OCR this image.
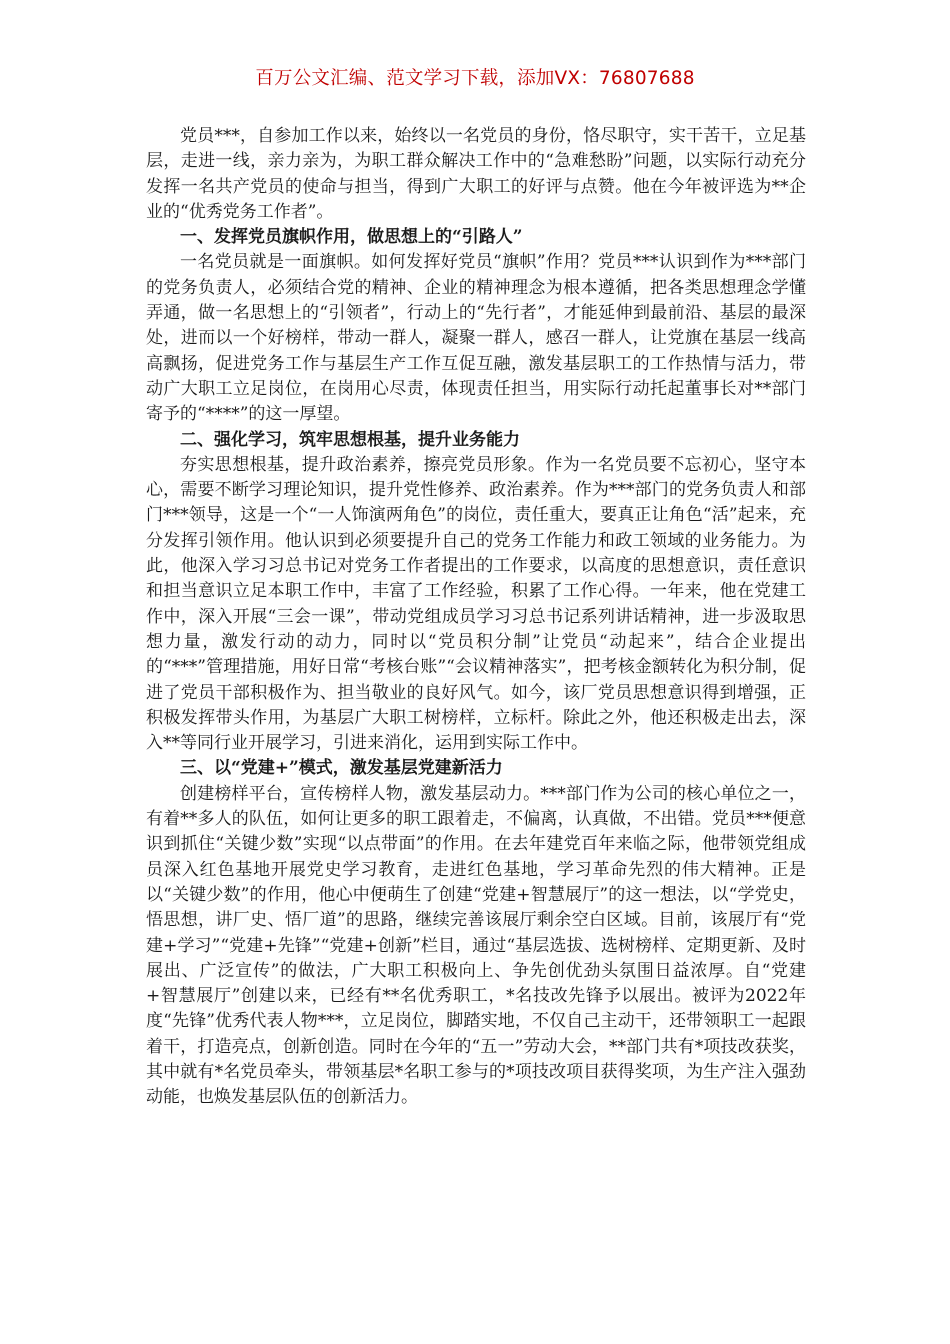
百万公文汇编、范文学习下载，添加VX：76807688

党员***，自参加工作以来，始终以一名党员的身份，恪尽职守，实干苦干，立足基层，走进一线，亲力亲为，为职工群众解决工作中的“急难愁盼”问题，以实际行动充分发挥一名共产党员的使命与担当，得到广大职工的好评与点赞。他在今年被评选为**企业的“优秀党务工作者”。

一、发挥党员旗帜作用，做思想上的“引路人”

一名党员就是一面旗帜。如何发挥好党员“旗帜”作用？党员***认识到作为***部门的党务负责人，必须结合党的精神、企业的精神理念为根本遵循，把各类思想理念学懂弄通，做一名思想上的“引领者”，行动上的“先行者”，才能延伸到最前沿、基层的最深处，进而以一个好榜样，带动一群人，凝聚一群人，感召一群人，让党旗在基层一线高高飘扬，促进党务工作与基层生产工作互促互融，激发基层职工的工作热情与活力，带动广大职工立足岗位，在岗用心尽责，体现责任担当，用实际行动托起董事长对**部门寄予的“****”的这一厚望。

二、强化学习，筑牢思想根基，提升业务能力

夯实思想根基，提升政治素养，擦亮党员形象。作为一名党员要不忘初心，坚守本心，需要不断学习理论知识，提升党性修养、政治素养。作为***部门的党务负责人和部门***领导，这是一个“一人饰演两角色”的岗位，责任重大，要真正让角色“活”起来，充分发挥引领作用。他认识到必须要提升自己的党务工作能力和政工领域的业务能力。为此，他深入学习习总书记对党务工作者提出的工作要求，以高度的思想意识，责任意识和担当意识立足本职工作中，丰富了工作经验，积累了工作心得。一年来，他在党建工作中，深入开展“三会一课”，带动党组成员学习习总书记系列讲话精神，进一步汲取思想力量，激发行动的动力，同时以“党员积分制”让党员“动起来”，结合企业提出的“***”管理措施，用好日常“考核台账”“会议精神落实”，把考核金额转化为积分制，促进了党员干部积极作为、担当敬业的良好风气。如今，该厂党员思想意识得到增强，正积极发挥带头作用，为基层广大职工树榜样，立标杆。除此之外，他还积极走出去，深入**等同行业开展学习，引进来消化，运用到实际工作中。

三、以“党建+”模式，激发基层党建新活力

创建榜样平台，宣传榜样人物，激发基层动力。***部门作为公司的核心单位之一，有着**多人的队伍，如何让更多的职工跟着走，不偏离，认真做，不出错。党员***便意识到抓住“关键少数”实现“以点带面”的作用。在去年建党百年来临之际，他带领党组成员深入红色基地开展党史学习教育，走进红色基地，学习革命先烈的伟大精神。正是以“关键少数”的作用，他心中便萌生了创建“党建+智慧展厅”的这一想法，以“学党史，悟思想，讲厂史、悟厂道”的思路，继续完善该展厅剩余空白区域。目前，该展厅有“党建+学习”“党建+先锋”“党建+创新”栏目，通过“基层选拔、选树榜样、定期更新、及时展出、广泛宣传”的做法，广大职工积极向上、争先创优劲头氛围日益浓厚。自“党建+智慧展厅”创建以来，已经有**名优秀职工，*名技改先锋予以展出。被评为2022年度“先锋”优秀代表人物***，立足岗位，脚踏实地，不仅自己主动干，还带领职工一起跟着干，打造亮点，创新创造。同时在今年的“五一”劳动大会，**部门共有*项技改获奖，其中就有*名党员牵头，带领基层*名职工参与的*项技改项目获得奖项，为生产注入强劲动能，也焕发基层队伍的创新活力。
